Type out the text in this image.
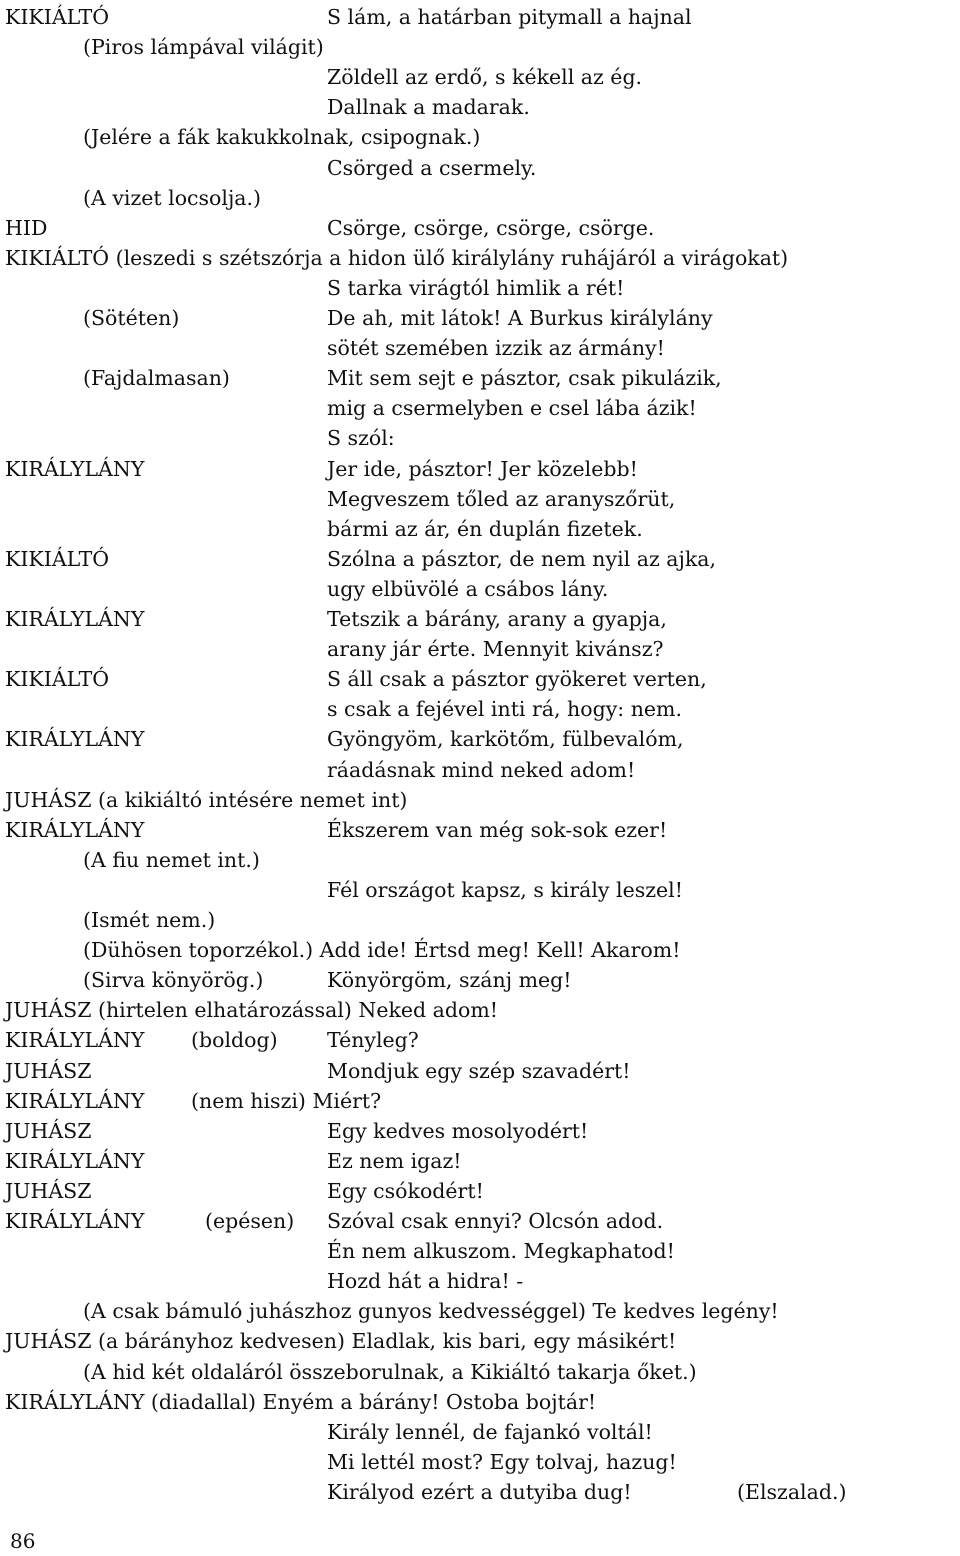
KIKIÁLTÓ	S lám, a határban pitymall a hajnal
(Piros lámpával világit)
Zöldell az erdő, s kékell az ég.
Dallnak a madarak.
(Jelére a fák kakukkolnak, csipognak.)
Csörged a csermely.
(A vizet locsolja.)
HID	Csörge, csörge, csörge, csörge.
KIKIÁLTÓ (leszedi s szétszórja a hidon ülő királylány ruhájáról a virágokat)
S tarka virágtól himlik a rét!
(Sötéten)	De ah, mit látok! A Burkus királylány
sötét szemében izzik az ármány!
(Fajdalmasan)	Mit sem sejt e pásztor, csak pikulázik,
mig a csermelyben e csel lába ázik!
S szól:
KIRÁLYLÁNY	Jer ide, pásztor! Jer közelebb!
Megveszem tőled az aranyszőrüt,
bármi az ár, én duplán fizetek.
KIKIÁLTÓ	Szólna a pásztor, de nem nyil az ajka,
ugy elbüvölé a csábos lány.
KIRÁLYLÁNY	Tetszik a bárány, arany a gyapja,
arany jár érte. Mennyit kivánsz?
KIKIÁLTÓ	S áll csak a pásztor gyökeret verten,
s csak a fejével inti rá, hogy: nem.
KIRÁLYLÁNY	Gyöngyöm, karkötőm, fülbevalóm,
ráadásnak mind neked adom!
JUHÁSZ (a kikiáltó intésére nemet int)
KIRÁLYLÁNY	Ékszerem van még sok-sok ezer!
(A fiu nemet int.)
Fél országot kapsz, s király leszel!
(Ismét nem.)
(Dühösen toporzékol.) Add ide! Értsd meg! Kell! Akarom!
(Sirva könyörög.)	Könyörgöm, szánj meg!
JUHÁSZ (hirtelen elhatározással) Neked adom!
KIRÁLYLÁNY (boldog) Tényleg?
JUHÁSZ	Mondjuk egy szép szavadért!
KIRÁLYLÁNY (nem hiszi) Miért?
JUHÁSZ	Egy kedves mosolyodért!
KIRÁLYLÁNY	Ez nem igaz!
JUHÁSZ	Egy csókodért!
KIRÁLYLÁNY	(epésen) Szóval csak ennyi? Olcsón adod.
Én nem alkuszom. Megkaphatod!
Hozd hát a hidra! -
(A csak bámuló juhászhoz gunyos kedvességgel) Te kedves legény!
JUHÁSZ (a bárányhoz kedvesen) Eladlak, kis bari, egy másikért!
(A hid két oldaláról összeborulnak, a Kikiáltó takarja őket.)
KIRÁLYLÁNY (diadallal) Enyém a bárány! Ostoba bojtár!
Király lennél, de fajankó voltál!
Mi lettél most? Egy tolvaj, hazug!
Királyod ezért a dutyiba dug!	(Elszalad.)
86
